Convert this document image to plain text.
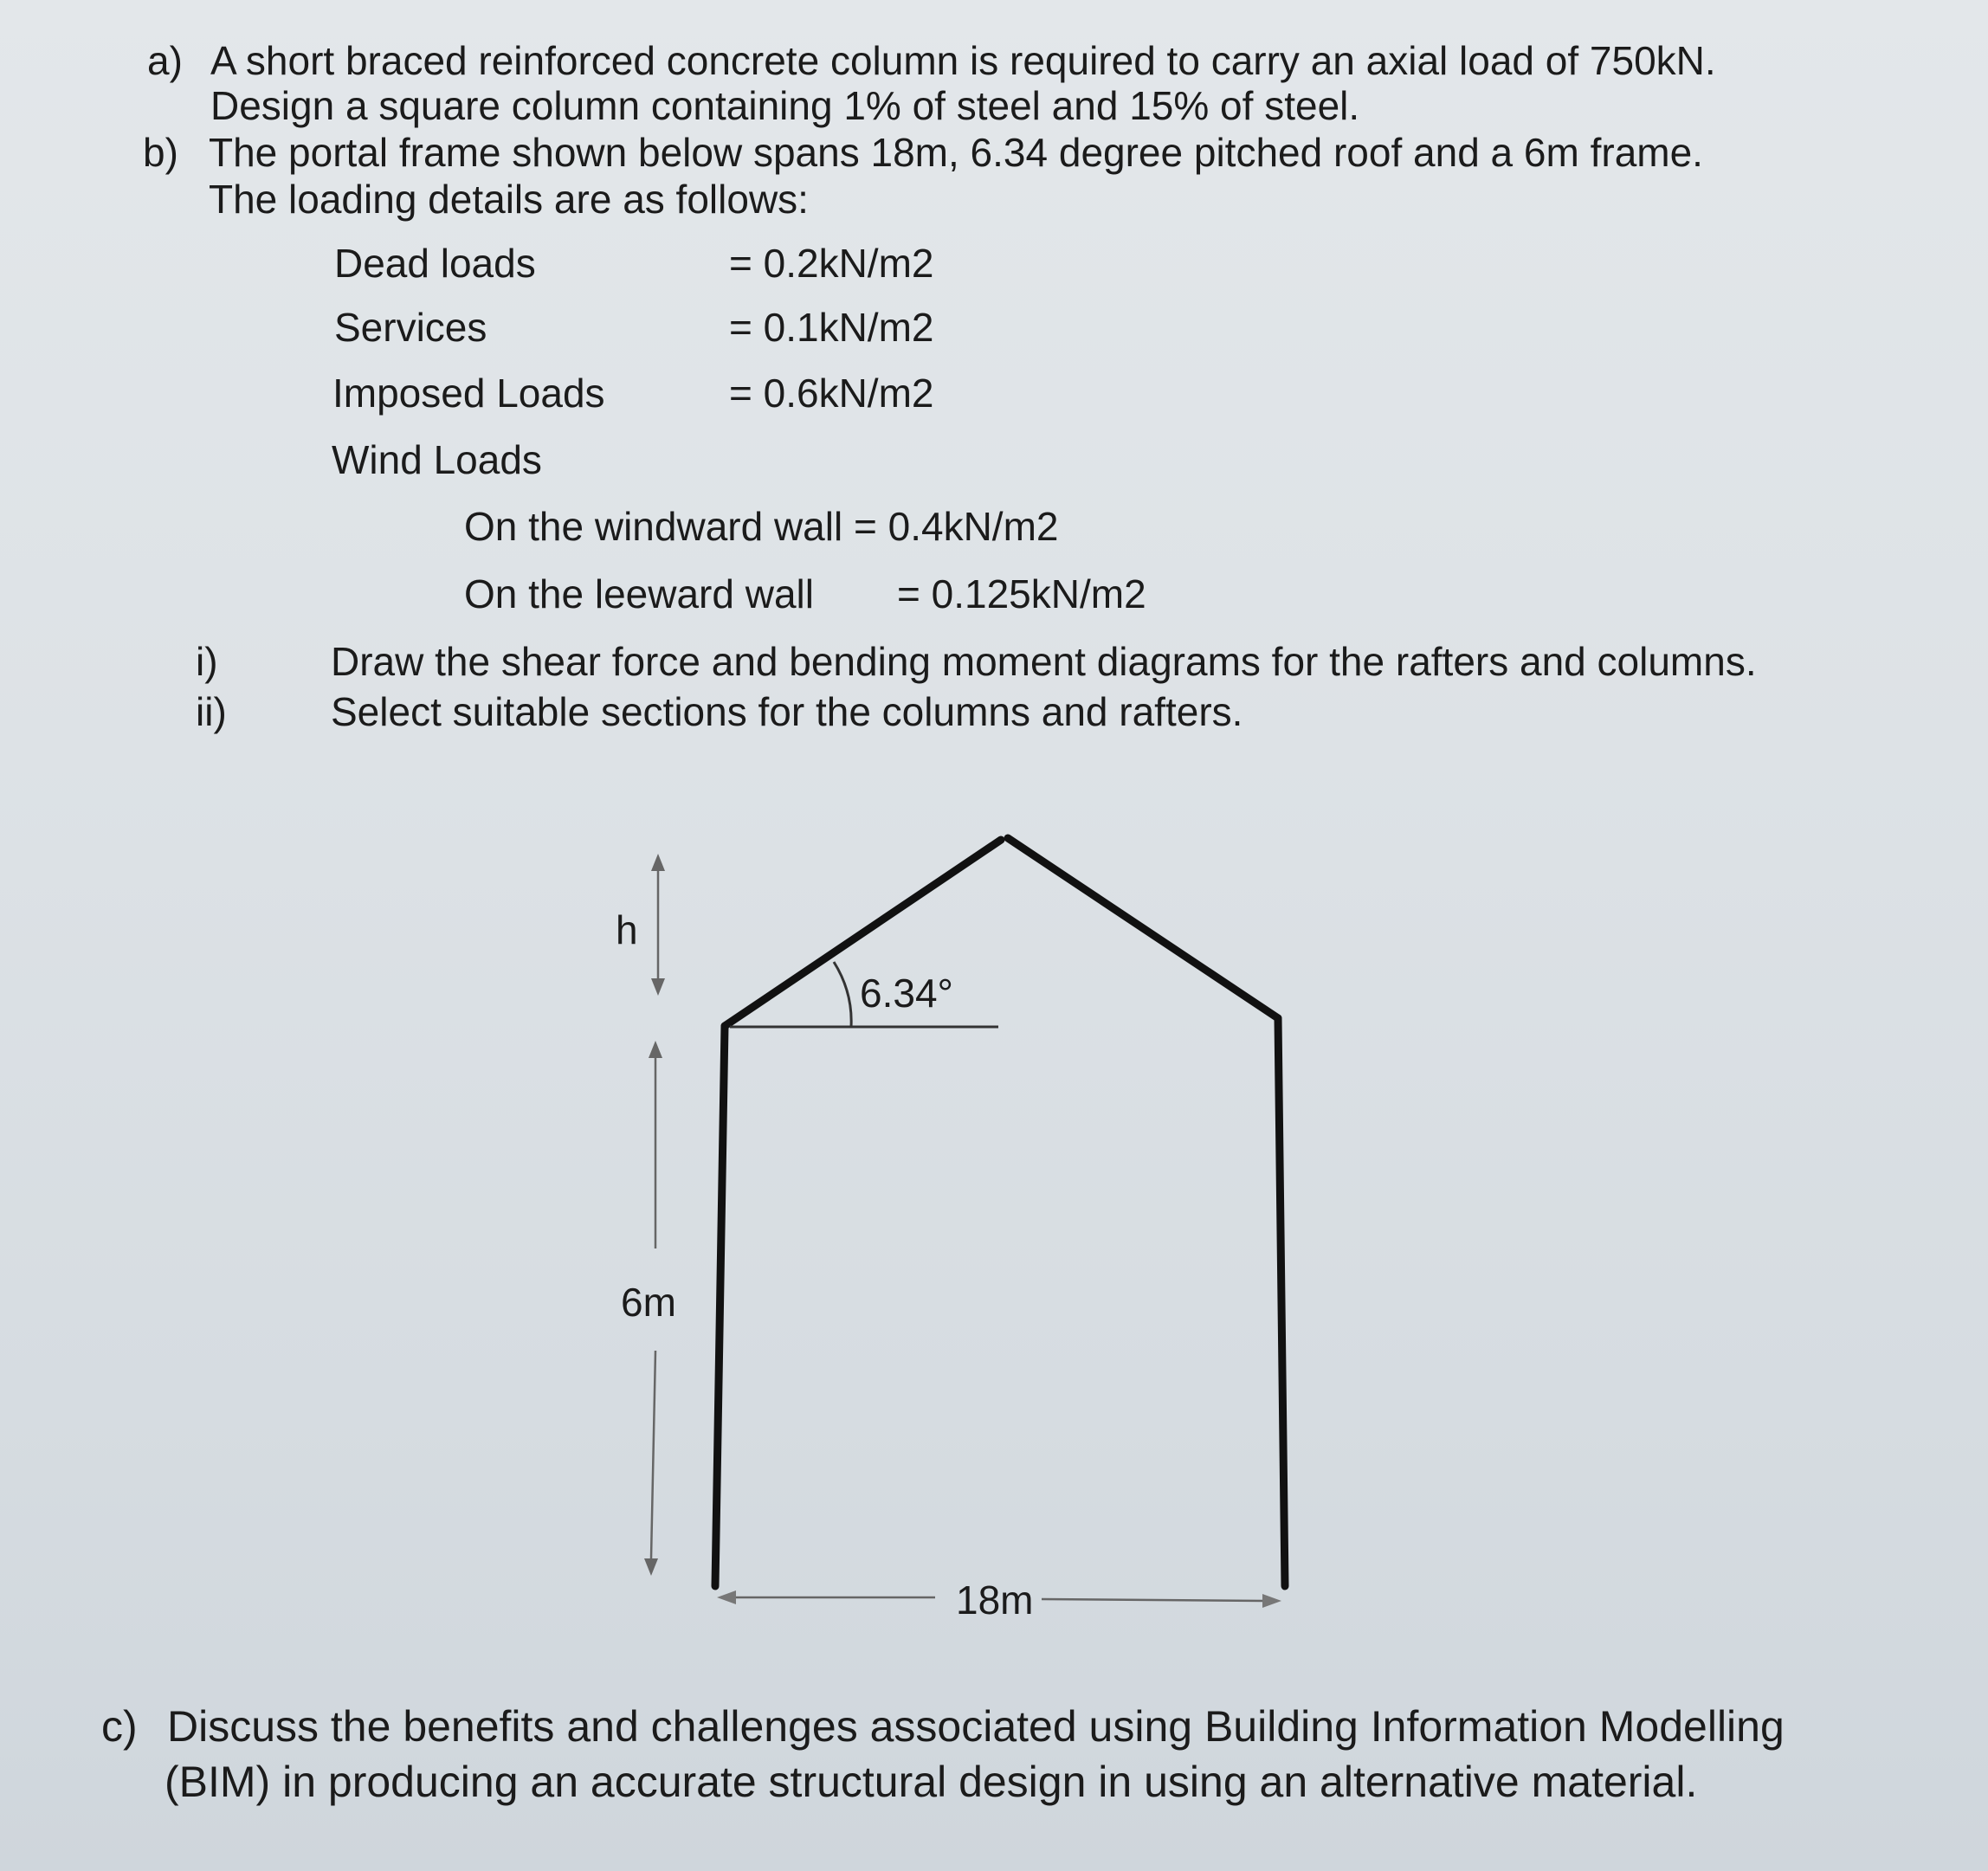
a) A short braced reinforced concrete column is required to carry an axial load of 750kN.
Design a square column containing 1% of steel and 15% of steel.
b) The portal frame shown below spans 18m, 6.34 degree pitched roof and a 6m frame.
The loading details are as follows:
Dead loads	= 0.2kN/m2
Services	= 0.1kN/m2
Imposed Loads	= 0.6kN/m2
Wind Loads
On the windward wall = 0.4kN/m2
On the leeward wall = 0.125kN/m2
i)	Draw the shear force and bending moment diagrams for the rafters and columns.
ii)	Select suitable sections for the columns and rafters.
6.34°
h
6m
18m
c) Discuss the benefits and challenges associated using Building Information Modelling
(BIM) in producing an accurate structural design in using an alternative material.
